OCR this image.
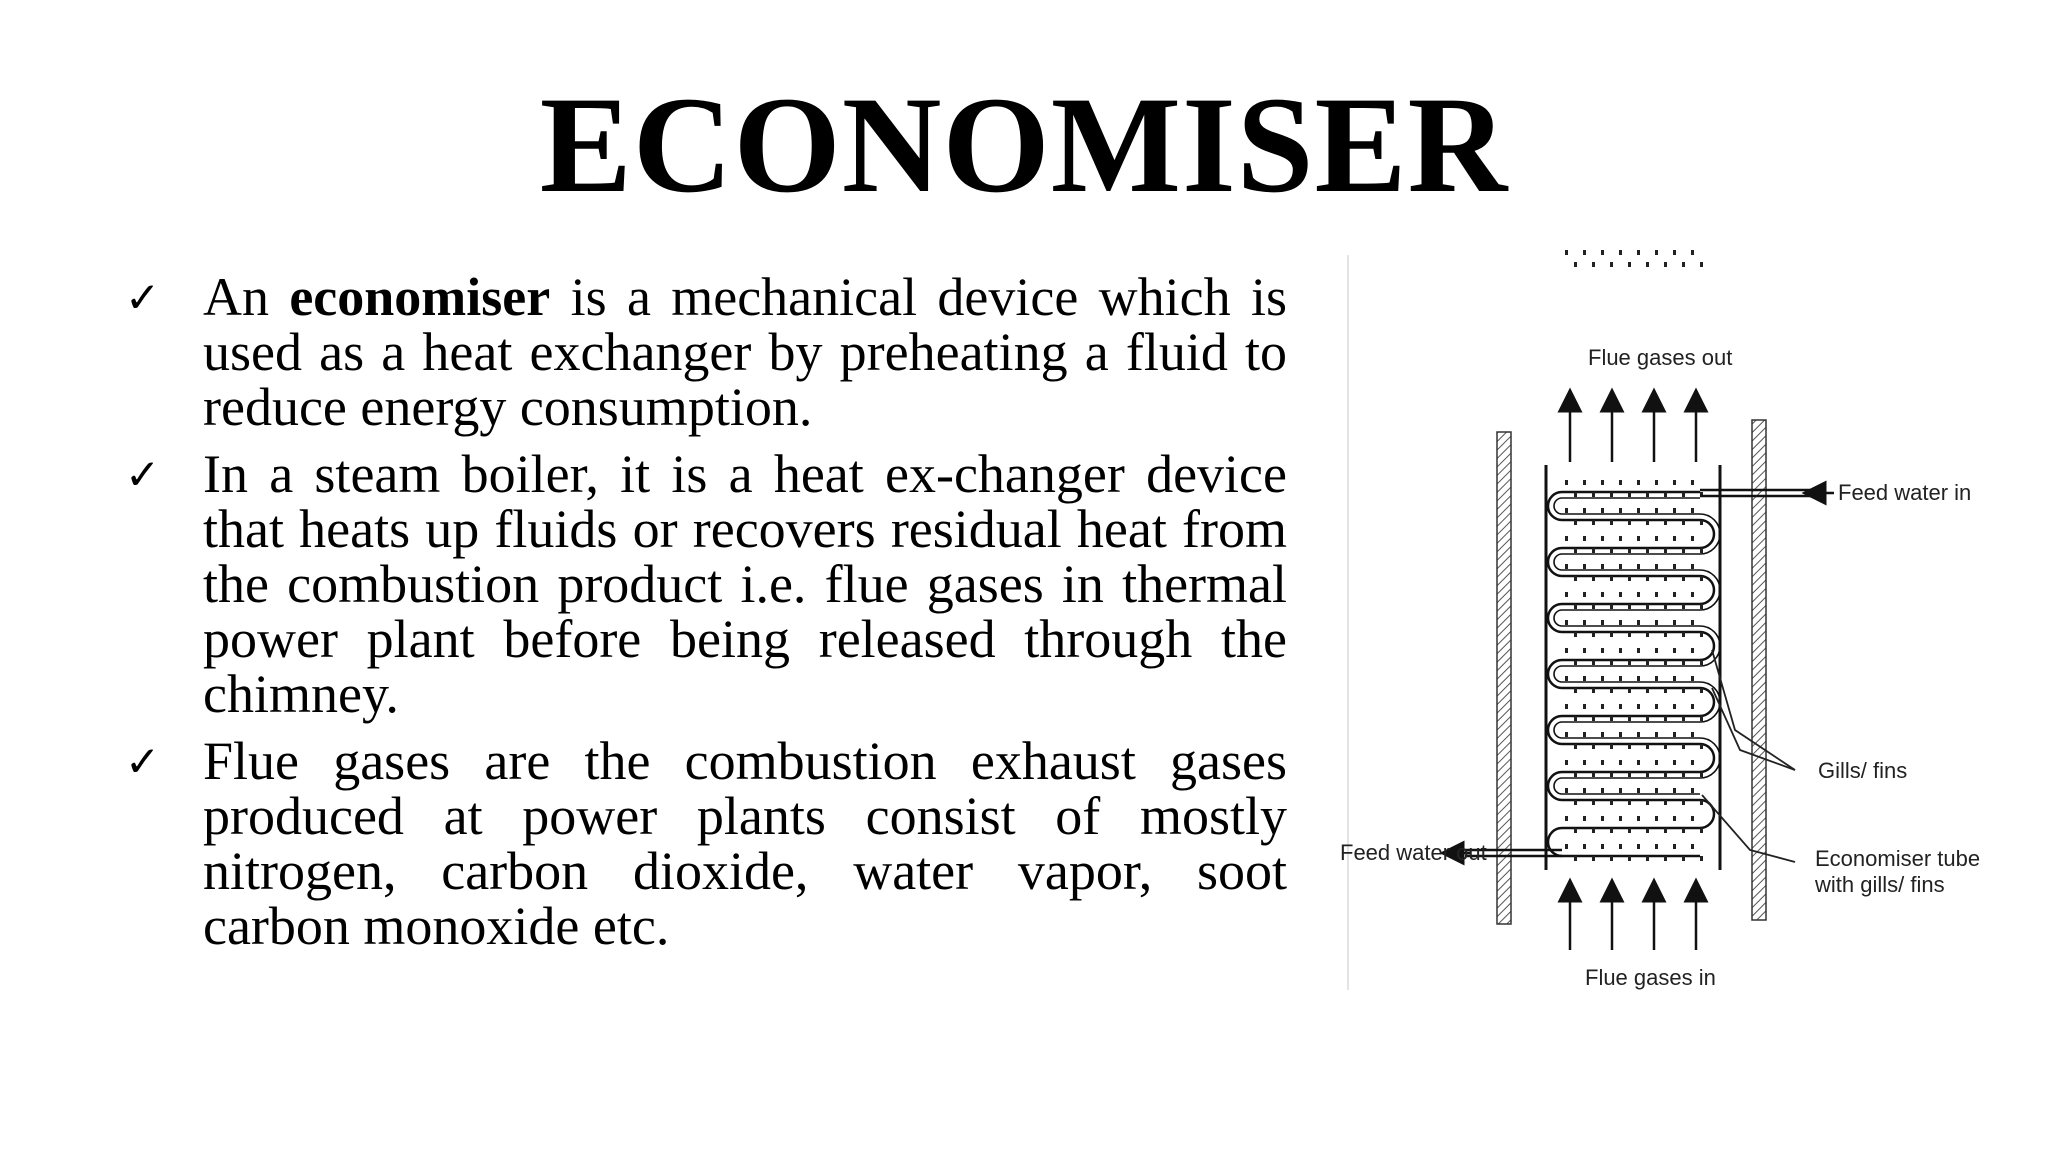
ECONOMISER
✓ An economiser is a mechanical device which is used as a heat exchanger by preheating a fluid to reduce energy consumption.
✓ In a steam boiler, it is a heat ex-changer device that heats up fluids or recovers residual heat from the combustion product i.e. flue gases in thermal power plant before being released through the chimney.
✓ Flue gases are the combustion exhaust gases produced at power plants consist of mostly nitrogen, carbon dioxide, water vapor, soot carbon monoxide etc.
Flue gases out
Feed water in
Gills/ fins
Economiser tube
with gills/ fins
Feed water out
Flue gases in
